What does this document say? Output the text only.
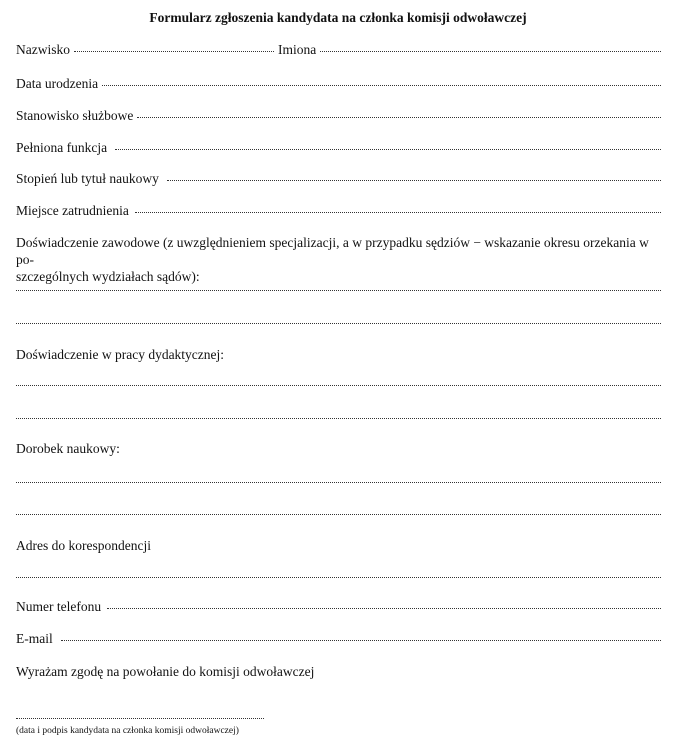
Formularz zgłoszenia kandydata na członka komisji odwoławczej
Nazwisko	Imiona
Data urodzenia
Stanowisko służbowe
Pełniona funkcja
Stopień lub tytuł naukowy
Miejsce zatrudnienia
Doświadczenie zawodowe (z uwzględnieniem specjalizacji, a w przypadku sędziów − wskazanie okresu orzekania w po-
szczególnych wydziałach sądów):
Doświadczenie w pracy dydaktycznej:
Dorobek naukowy:
Adres do korespondencji
Numer telefonu
E-mail
Wyrażam zgodę na powołanie do komisji odwoławczej
(data i podpis kandydata na członka komisji odwoławczej)
